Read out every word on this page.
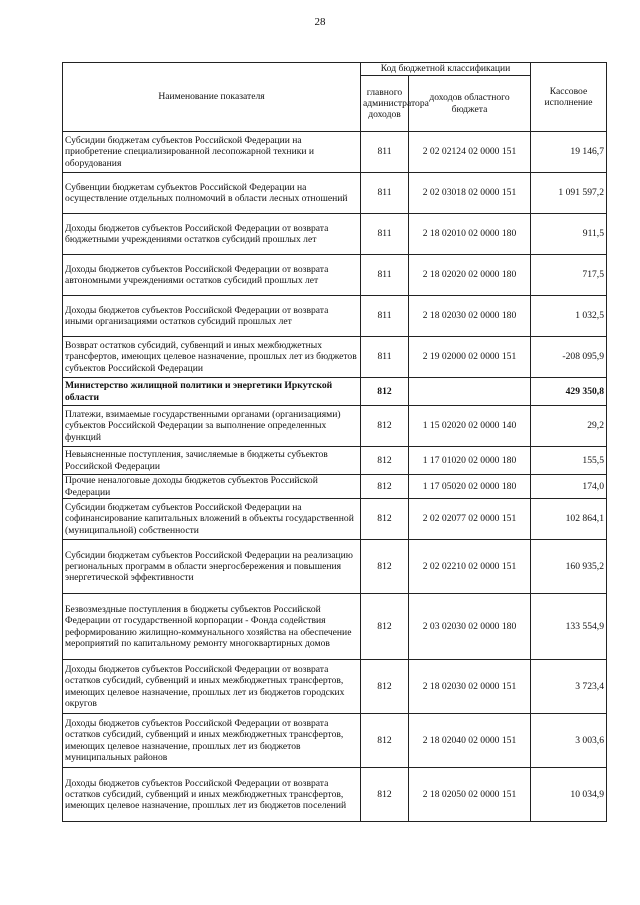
28
Наименование показателя	Код бюджетной классификации		Кассовое исполнение
	главного администратора доходов	доходов областного бюджета	
Субсидии бюджетам субъектов Российской Федерации на приобретение специализированной лесопожарной техники и оборудования	811	2 02 02124 02 0000 151	19 146,7
Субвенции бюджетам субъектов Российской Федерации на осуществление отдельных полномочий в области лесных отношений	811	2 02 03018 02 0000 151	1 091 597,2
Доходы бюджетов субъектов Российской Федерации от возврата бюджетными учреждениями остатков субсидий прошлых лет	811	2 18 02010 02 0000 180	911,5
Доходы бюджетов субъектов Российской Федерации от возврата автономными учреждениями остатков субсидий прошлых лет	811	2 18 02020 02 0000 180	717,5
Доходы бюджетов субъектов Российской Федерации от возврата иными организациями остатков субсидий прошлых лет	811	2 18 02030 02 0000 180	1 032,5
Возврат остатков субсидий, субвенций и иных межбюджетных трансфертов, имеющих целевое назначение, прошлых лет из бюджетов субъектов Российской Федерации	811	2 19 02000 02 0000 151	-208 095,9
Министерство жилищной политики и энергетики Иркутской области	812		429 350,8
Платежи, взимаемые государственными органами (организациями) субъектов Российской Федерации за выполнение определенных функций	812	1 15 02020 02 0000 140	29,2
Невыясненные поступления, зачисляемые в бюджеты субъектов Российской Федерации	812	1 17 01020 02 0000 180	155,5
Прочие неналоговые доходы бюджетов субъектов Российской Федерации	812	1 17 05020 02 0000 180	174,0
Субсидии бюджетам субъектов Российской Федерации на софинансирование капитальных вложений в объекты государственной (муниципальной) собственности	812	2 02 02077 02 0000 151	102 864,1
Субсидии бюджетам субъектов Российской Федерации на реализацию региональных программ в области энергосбережения и повышения энергетической эффективности	812	2 02 02210 02 0000 151	160 935,2
Безвозмездные поступления в бюджеты субъектов Российской Федерации от государственной корпорации - Фонда содействия реформированию жилищно-коммунального хозяйства на обеспечение мероприятий по капитальному ремонту многоквартирных домов	812	2 03 02030 02 0000 180	133 554,9
Доходы бюджетов субъектов Российской Федерации от возврата остатков субсидий, субвенций и иных межбюджетных трансфертов, имеющих целевое назначение, прошлых лет из бюджетов городских округов	812	2 18 02030 02 0000 151	3 723,4
Доходы бюджетов субъектов Российской Федерации от возврата остатков субсидий, субвенций и иных межбюджетных трансфертов, имеющих целевое назначение, прошлых лет из бюджетов муниципальных районов	812	2 18 02040 02 0000 151	3 003,6
Доходы бюджетов субъектов Российской Федерации от возврата остатков субсидий, субвенций и иных межбюджетных трансфертов, имеющих целевое назначение, прошлых лет из бюджетов поселений	812	2 18 02050 02 0000 151	10 034,9
